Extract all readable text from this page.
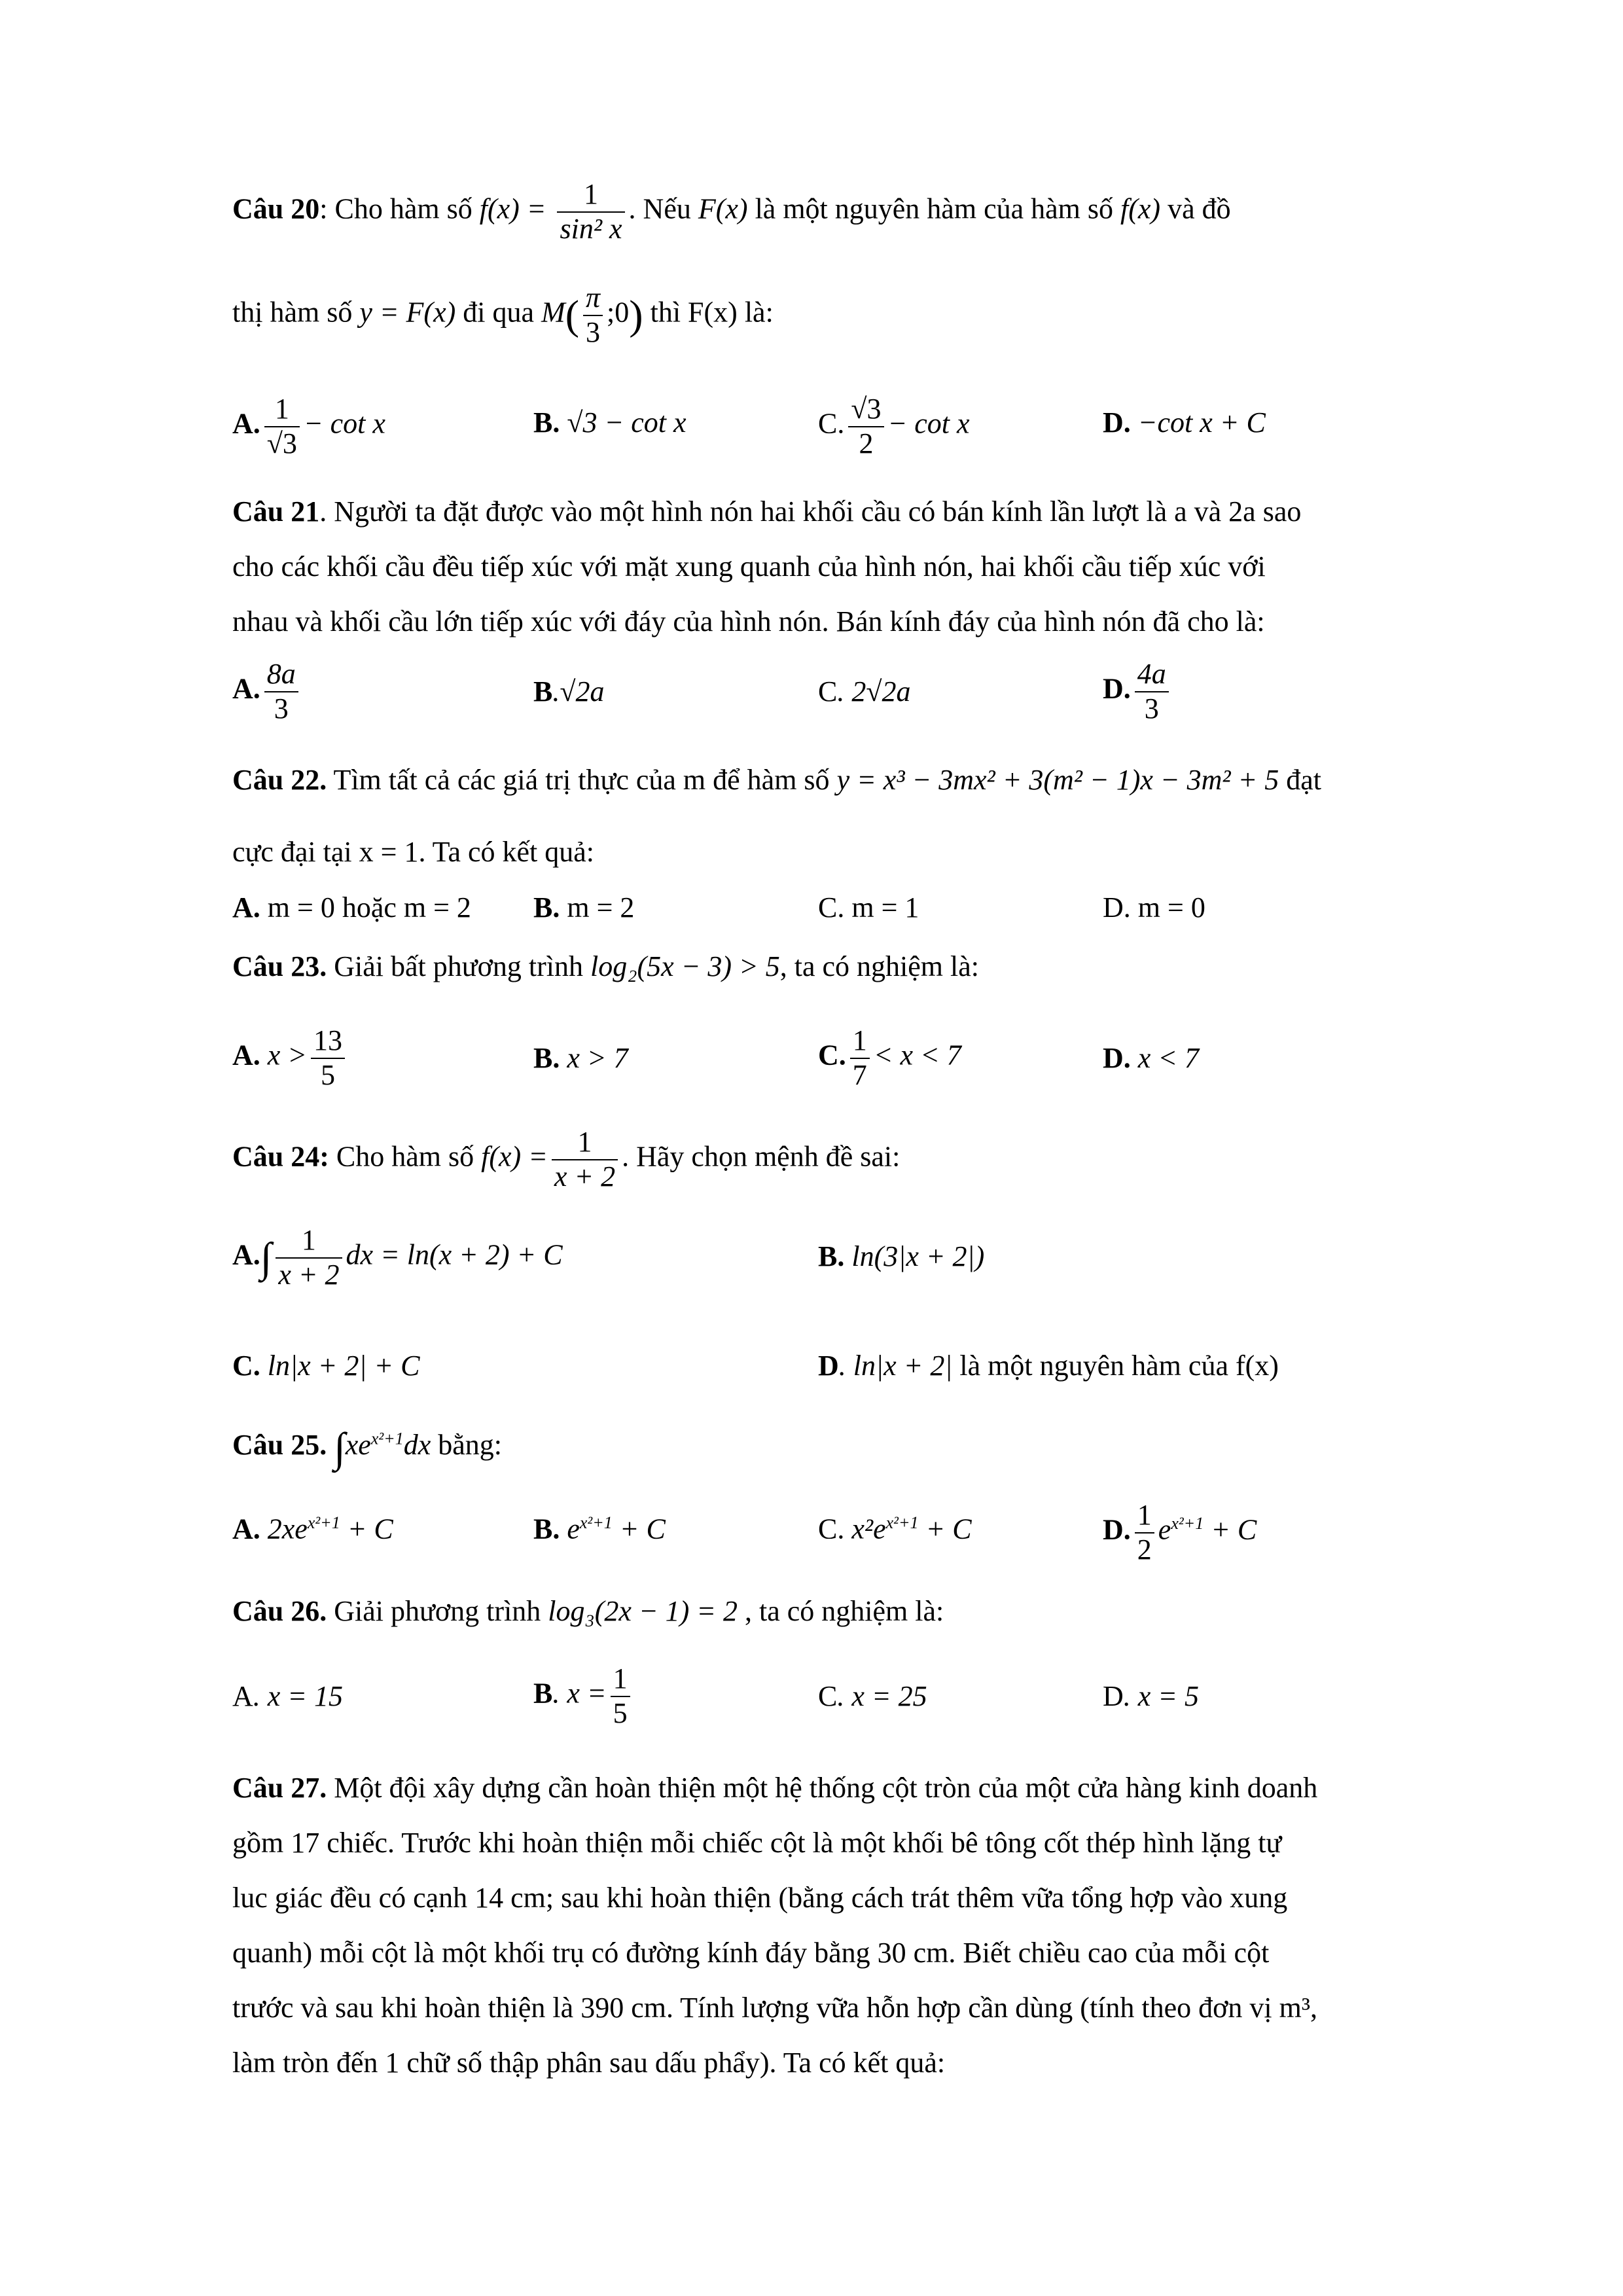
Câu 20: Cho hàm số $f(x) = \frac{1}{\text{sin² x}}$ . Nếu F(x) là một nguyên hàm của hàm số f(x) và đồ
thị hàm số y = F(x) đi qua $M( \frac{\pi}{3}$ ;0) thì F(x) là:
A. $\frac{1}{√3} - \cot x$	B. √3 − cot x	C. $\frac{√3}{2} - \cot x$	D. −cot x + C
Câu 21. Người ta đặt được vào một hình nón hai khối cầu có bán kính lần lượt là a và 2a sao
cho các khối cầu đều tiếp xúc với mặt xung quanh của hình nón, hai khối cầu tiếp xúc với
nhau và khối cầu lớn tiếp xúc với đáy của hình nón. Bán kính đáy của hình nón đã cho là:
A. $\frac{8a}{3}$	B.√2a	C. 2√2a	D. $\frac{4a}{3}$
Câu 22. Tìm tất cả các giá trị thực của m để hàm số y = x³ − 3mx² + 3(m² − 1)x − 3m² + 5 đạt
cực đại tại x = 1. Ta có kết quả:
A. m = 0 hoặc m = 2 B. m = 2	C. m = 1	D. m = 0
Câu 23. Giải bất phương trình log₂(5x − 3) > 5, ta có nghiệm là:
A. $x > \frac{13}{5}$	B. x > 7	C. $\frac{1}{7} < x < 7$	D. x < 7
Câu 24: Cho hàm số $f(x) = \frac{1}{x + 2}$ . Hãy chọn mệnh đề sai:
$A.\int \frac{1}{x + 2}$ dx = ln(x + 2) + C	B. ln(3|x + 2|)
C. ln|x + 2| + C	D. ln|x + 2| là một nguyên hàm của f(x)
Câu 25. $\int xe^{x^2+1}dx$ bằng:
A. $2xe^{x^2+1} + C$	B. $e^{x^2+1} + C$	C. $x^2e^{x^2+1} + C$	D. $\frac{1}{2} e^{x^2+1} + C$
Câu 26. Giải phương trình log₃(2x − 1) = 2 , ta có nghiệm là:
A. x = 15	B. $x = \frac{1}{5}$	C. x = 25	D. x = 5
Câu 27. Một đội xây dựng cần hoàn thiện một hệ thống cột tròn của một cửa hàng kinh doanh
gồm 17 chiếc. Trước khi hoàn thiện mỗi chiếc cột là một khối bê tông cốt thép hình lặng tự
luc giác đều có cạnh 14 cm; sau khi hoàn thiện (bằng cách trát thêm vữa tổng hợp vào xung
quanh) mỗi cột là một khối trụ có đường kính đáy bằng 30 cm. Biết chiều cao của mỗi cột
trước và sau khi hoàn thiện là 390 cm. Tính lượng vữa hỗn hợp cần dùng (tính theo đơn vị m³,
làm tròn đến 1 chữ số thập phân sau dấu phẩy). Ta có kết quả:
